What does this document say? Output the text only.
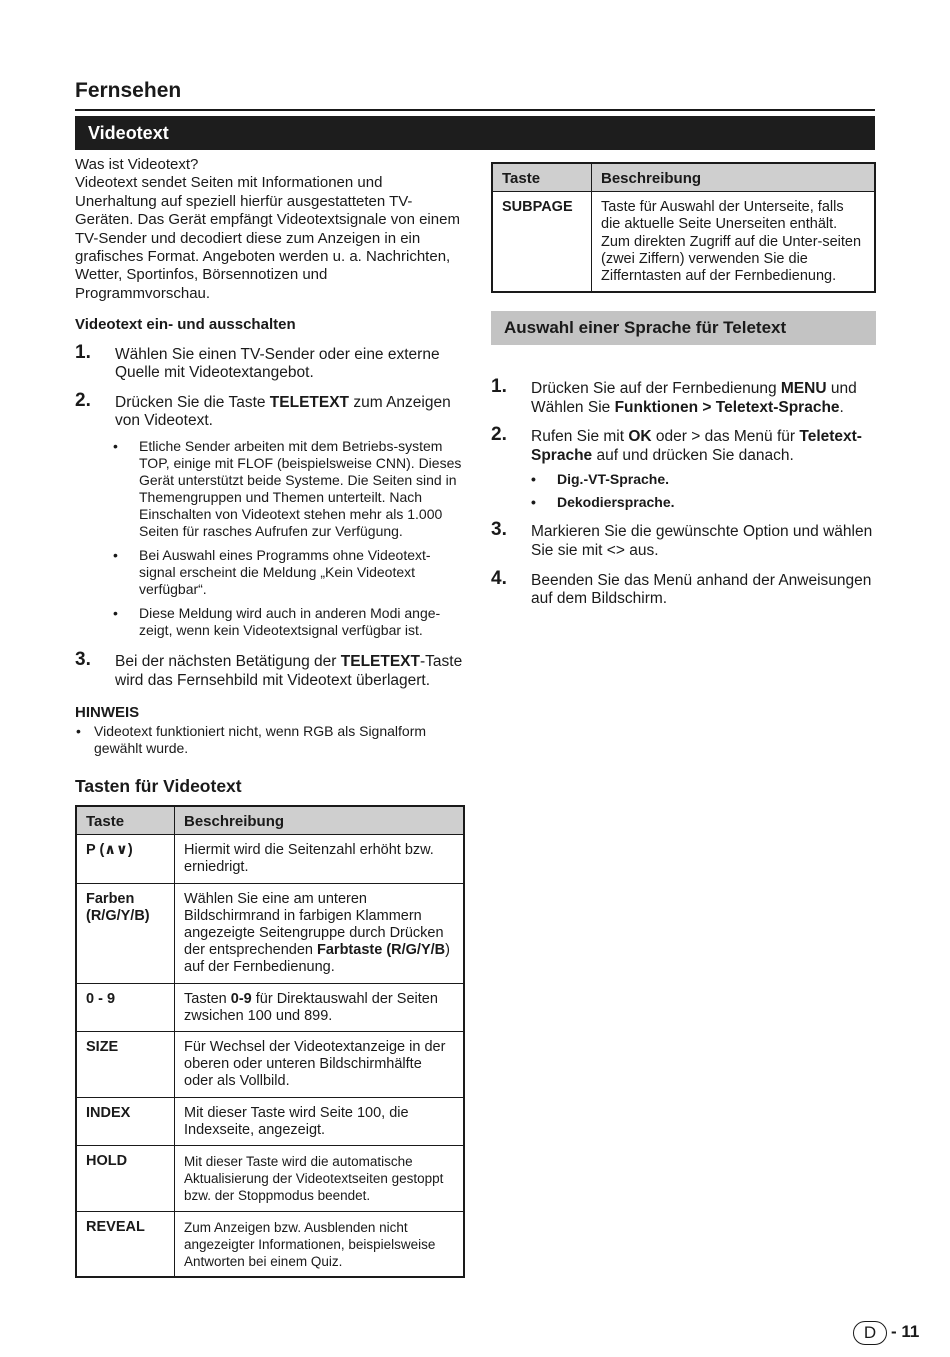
Fernsehen
Videotext

Was ist Videotext?

Videotext sendet Seiten mit Informationen und Unerhaltung auf speziell hierfür ausgestatteten TV-Geräten. Das Gerät empfängt Videotextsignale von einem TV-Sender und decodiert diese zum Anzeigen in ein grafisches Format. Angeboten werden u. a. Nachrichten, Wetter, Sportinfos, Börsennotizen und Programmvorschau.

Videotext ein- und ausschalten
1. Wählen Sie einen TV-Sender oder eine externe Quelle mit Videotextangebot.
2. Drücken Sie die Taste TELETEXT zum Anzeigen von Videotext.
• Etliche Sender arbeiten mit dem Betriebs-system TOP, einige mit FLOF (beispielsweise CNN). Dieses Gerät unterstützt beide Systeme. Die Seiten sind in Themengruppen und Themen unterteilt. Nach Einschalten von Videotext stehen mehr als 1.000 Seiten für rasches Aufrufen zur Verfügung.
• Bei Auswahl eines Programms ohne Videotext-signal erscheint die Meldung „Kein Videotext verfügbar“.
• Diese Meldung wird auch in anderen Modi ange-zeigt, wenn kein Videotextsignal verfügbar ist.
3. Bei der nächsten Betätigung der TELETEXT-Taste wird das Fernsehbild mit Videotext überlagert.
HINWEIS
• Videotext funktioniert nicht, wenn RGB als Signalform gewählt wurde.
Tasten für Videotext
Taste	Beschreibung
P (∧∨)	Hiermit wird die Seitenzahl erhöht bzw. erniedrigt.
Farben (R/G/Y/B)	Wählen Sie eine am unteren Bildschirmrand in farbigen Klammern angezeigte Seitengruppe durch Drücken der entsprechenden Farbtaste (R/G/Y/B) auf der Fernbedienung.
0 - 9	Tasten 0-9 für Direktauswahl der Seiten zwsichen 100 und 899.
SIZE	Für Wechsel der Videotextanzeige in der oberen oder unteren Bildschirmhälfte oder als Vollbild.
INDEX	Mit dieser Taste wird Seite 100, die Indexseite, angezeigt.
HOLD	Mit dieser Taste wird die automatische Aktualisierung der Videotextseiten gestoppt bzw. der Stoppmodus beendet.
REVEAL	Zum Anzeigen bzw. Ausblenden nicht angezeigter Informationen, beispielsweise Antworten bei einem Quiz.
Taste	Beschreibung
SUBPAGE	Taste für Auswahl der Unterseite, falls die aktuelle Seite Unerseiten enthält. Zum direkten Zugriff auf die Unter-seiten (zwei Ziffern) verwenden Sie die Zifferntasten auf der Fernbedienung.
Auswahl einer Sprache für Teletext
1. Drücken Sie auf der Fernbedienung MENU und Wählen Sie Funktionen > Teletext-Sprache.
2. Rufen Sie mit OK oder > das Menü für Teletext-Sprache auf und drücken Sie danach.
• Dig.-VT-Sprache.
• Dekodiersprache.
3. Markieren Sie die gewünschte Option und wählen Sie sie mit <> aus.
4. Beenden Sie das Menü anhand der Anweisungen auf dem Bildschirm.
D - 11
